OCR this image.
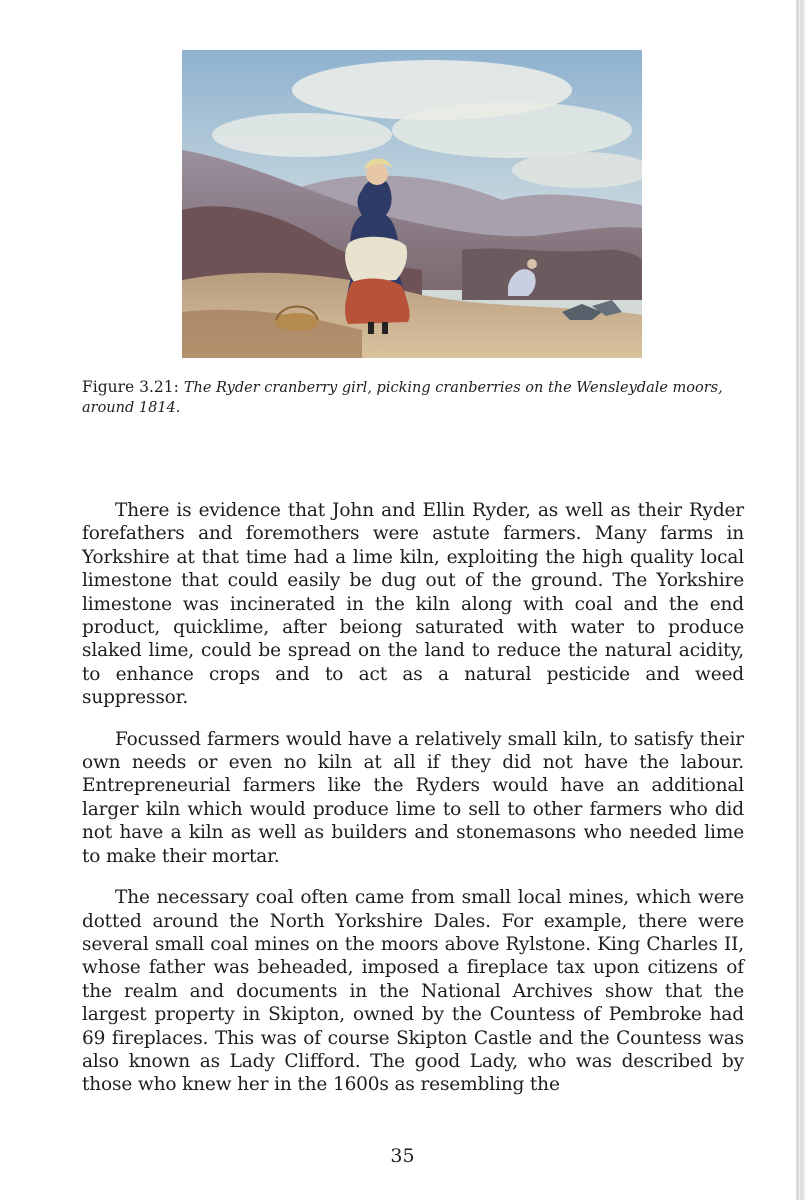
Figure 3.21: The Ryder cranberry girl, picking cranberries on the Wensleydale moors, around 1814.

There is evidence that John and Ellin Ryder, as well as their Ryder forefathers and foremothers were astute farmers. Many farms in Yorkshire at that time had a lime kiln, exploiting the high quality local limestone that could easily be dug out of the ground. The Yorkshire limestone was incinerated in the kiln along with coal and the end product, quicklime, after beiong saturated with water to produce slaked lime, could be spread on the land to reduce the natural acidity, to enhance crops and to act as a natural pesticide and weed suppressor.

Focussed farmers would have a relatively small kiln, to satisfy their own needs or even no kiln at all if they did not have the labour. Entrepreneurial farmers like the Ryders would have an additional larger kiln which would produce lime to sell to other farmers who did not have a kiln as well as builders and stonemasons who needed lime to make their mortar.

The necessary coal often came from small local mines, which were dotted around the North Yorkshire Dales. For example, there were several small coal mines on the moors above Rylstone. King Charles II, whose father was beheaded, imposed a fireplace tax upon citizens of the realm and documents in the National Archives show that the largest property in Skipton, owned by the Countess of Pembroke had 69 fireplaces. This was of course Skipton Castle and the Countess was also known as Lady Clifford. The good Lady, who was described by those who knew her in the 1600s as resembling the

35
